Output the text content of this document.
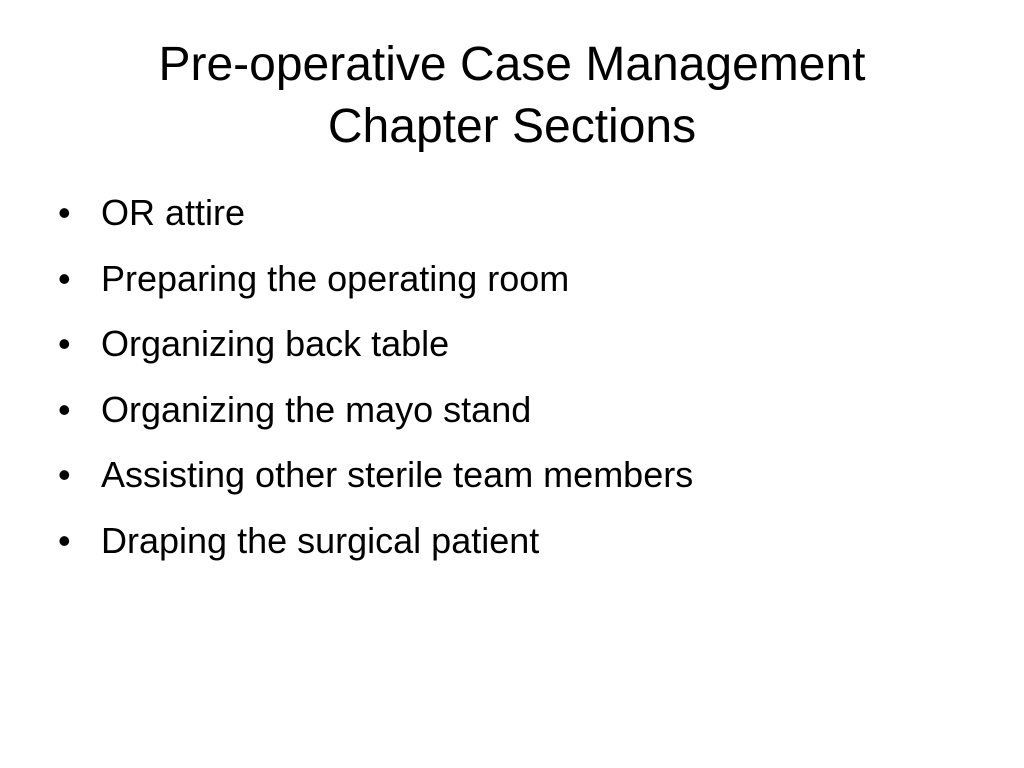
Pre-operative Case Management
Chapter Sections
• OR attire
• Preparing the operating room
• Organizing back table
• Organizing the mayo stand
• Assisting other sterile team members
• Draping the surgical patient
